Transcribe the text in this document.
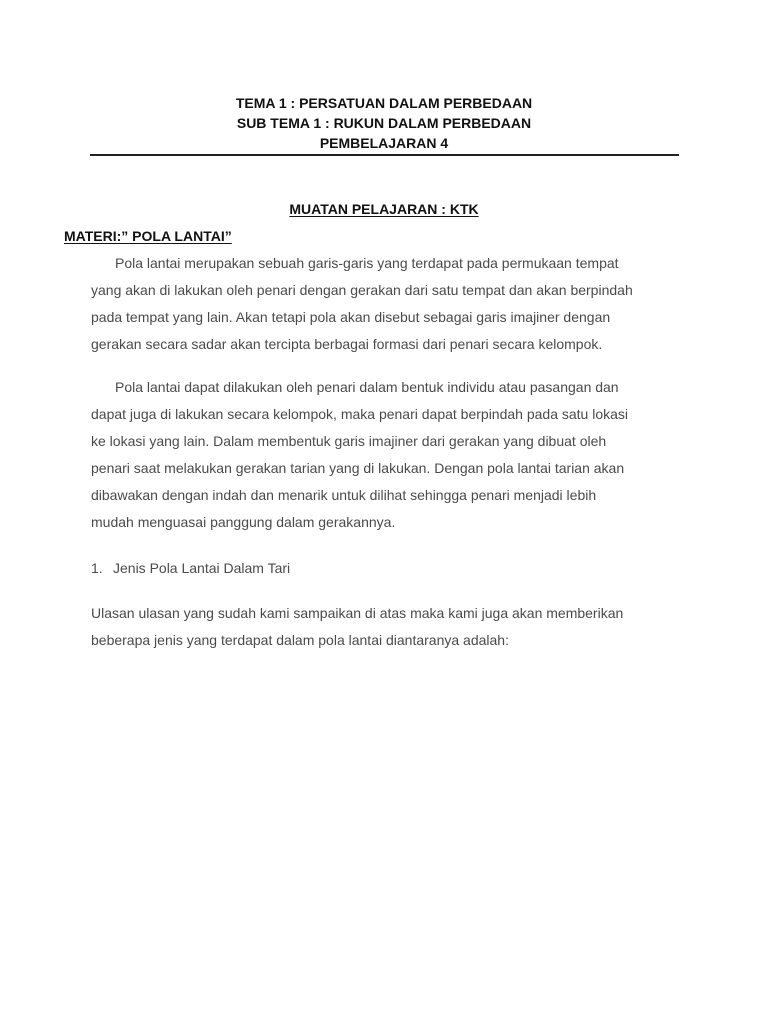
TEMA 1 : PERSATUAN DALAM PERBEDAAN
SUB TEMA 1 : RUKUN DALAM PERBEDAAN
PEMBELAJARAN 4
MUATAN PELAJARAN : KTK
MATERI:” POLA LANTAI”
Pola lantai merupakan sebuah garis-garis yang terdapat pada permukaan tempat
yang akan di lakukan oleh penari dengan gerakan dari satu tempat dan akan berpindah
pada tempat yang lain. Akan tetapi pola akan disebut sebagai garis imajiner dengan
gerakan secara sadar akan tercipta berbagai formasi dari penari secara kelompok.
Pola lantai dapat dilakukan oleh penari dalam bentuk individu atau pasangan dan
dapat juga di lakukan secara kelompok, maka penari dapat berpindah pada satu lokasi
ke lokasi yang lain. Dalam membentuk garis imajiner dari gerakan yang dibuat oleh
penari saat melakukan gerakan tarian yang di lakukan. Dengan pola lantai tarian akan
dibawakan dengan indah dan menarik untuk dilihat sehingga penari menjadi lebih
mudah menguasai panggung dalam gerakannya.
1. Jenis Pola Lantai Dalam Tari
Ulasan ulasan yang sudah kami sampaikan di atas maka kami juga akan memberikan
beberapa jenis yang terdapat dalam pola lantai diantaranya adalah:
